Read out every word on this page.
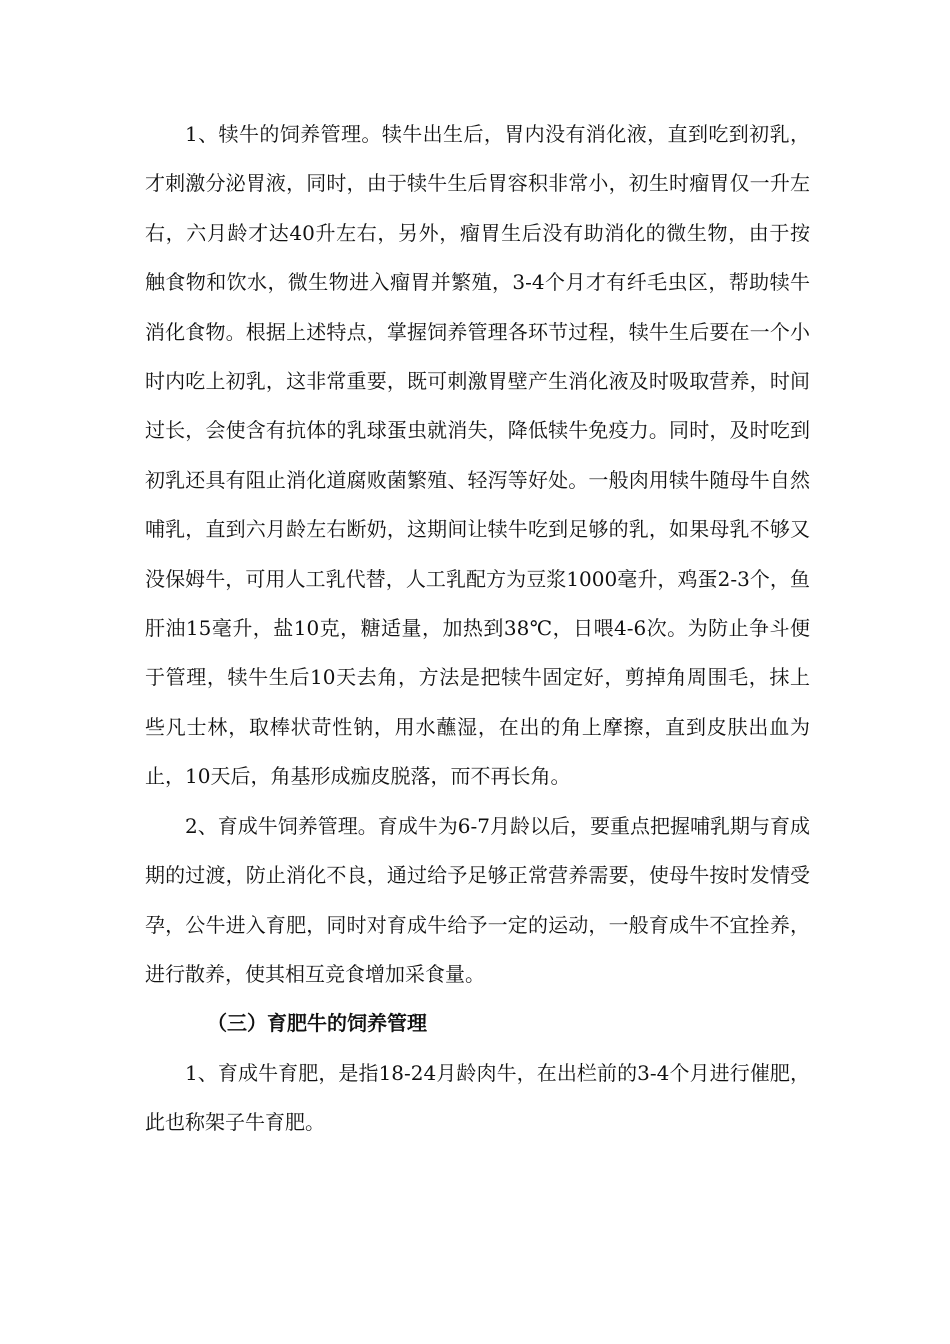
1、犊牛的饲养管理。犊牛出生后，胃内没有消化液，直到吃到初乳，才刺激分泌胃液，同时，由于犊牛生后胃容积非常小，初生时瘤胃仅一升左右，六月龄才达40升左右，另外，瘤胃生后没有助消化的微生物，由于按触食物和饮水，微生物进入瘤胃并繁殖，3-4个月才有纤毛虫区，帮助犊牛消化食物。根据上述特点，掌握饲养管理各环节过程，犊牛生后要在一个小时内吃上初乳，这非常重要，既可刺激胃壁产生消化液及时吸取营养，时间过长，会使含有抗体的乳球蛋虫就消失，降低犊牛免疫力。同时，及时吃到初乳还具有阻止消化道腐败菌繁殖、轻泻等好处。一般肉用犊牛随母牛自然哺乳，直到六月龄左右断奶，这期间让犊牛吃到足够的乳，如果母乳不够又没保姆牛，可用人工乳代替，人工乳配方为豆浆1000毫升，鸡蛋2-3个，鱼肝油15毫升，盐10克，糖适量，加热到38℃，日喂4-6次。为防止争斗便于管理，犊牛生后10天去角，方法是把犊牛固定好，剪掉角周围毛，抹上些凡士林，取棒状苛性钠，用水蘸湿，在出的角上摩擦，直到皮肤出血为止，10天后，角基形成痂皮脱落，而不再长角。

2、育成牛饲养管理。育成牛为6-7月龄以后，要重点把握哺乳期与育成期的过渡，防止消化不良，通过给予足够正常营养需要，使母牛按时发情受孕，公牛进入育肥，同时对育成牛给予一定的运动，一般育成牛不宜拴养，进行散养，使其相互竞食增加采食量。

（三）育肥牛的饲养管理

1、育成牛育肥，是指18-24月龄肉牛，在出栏前的3-4个月进行催肥，此也称架子牛育肥。
